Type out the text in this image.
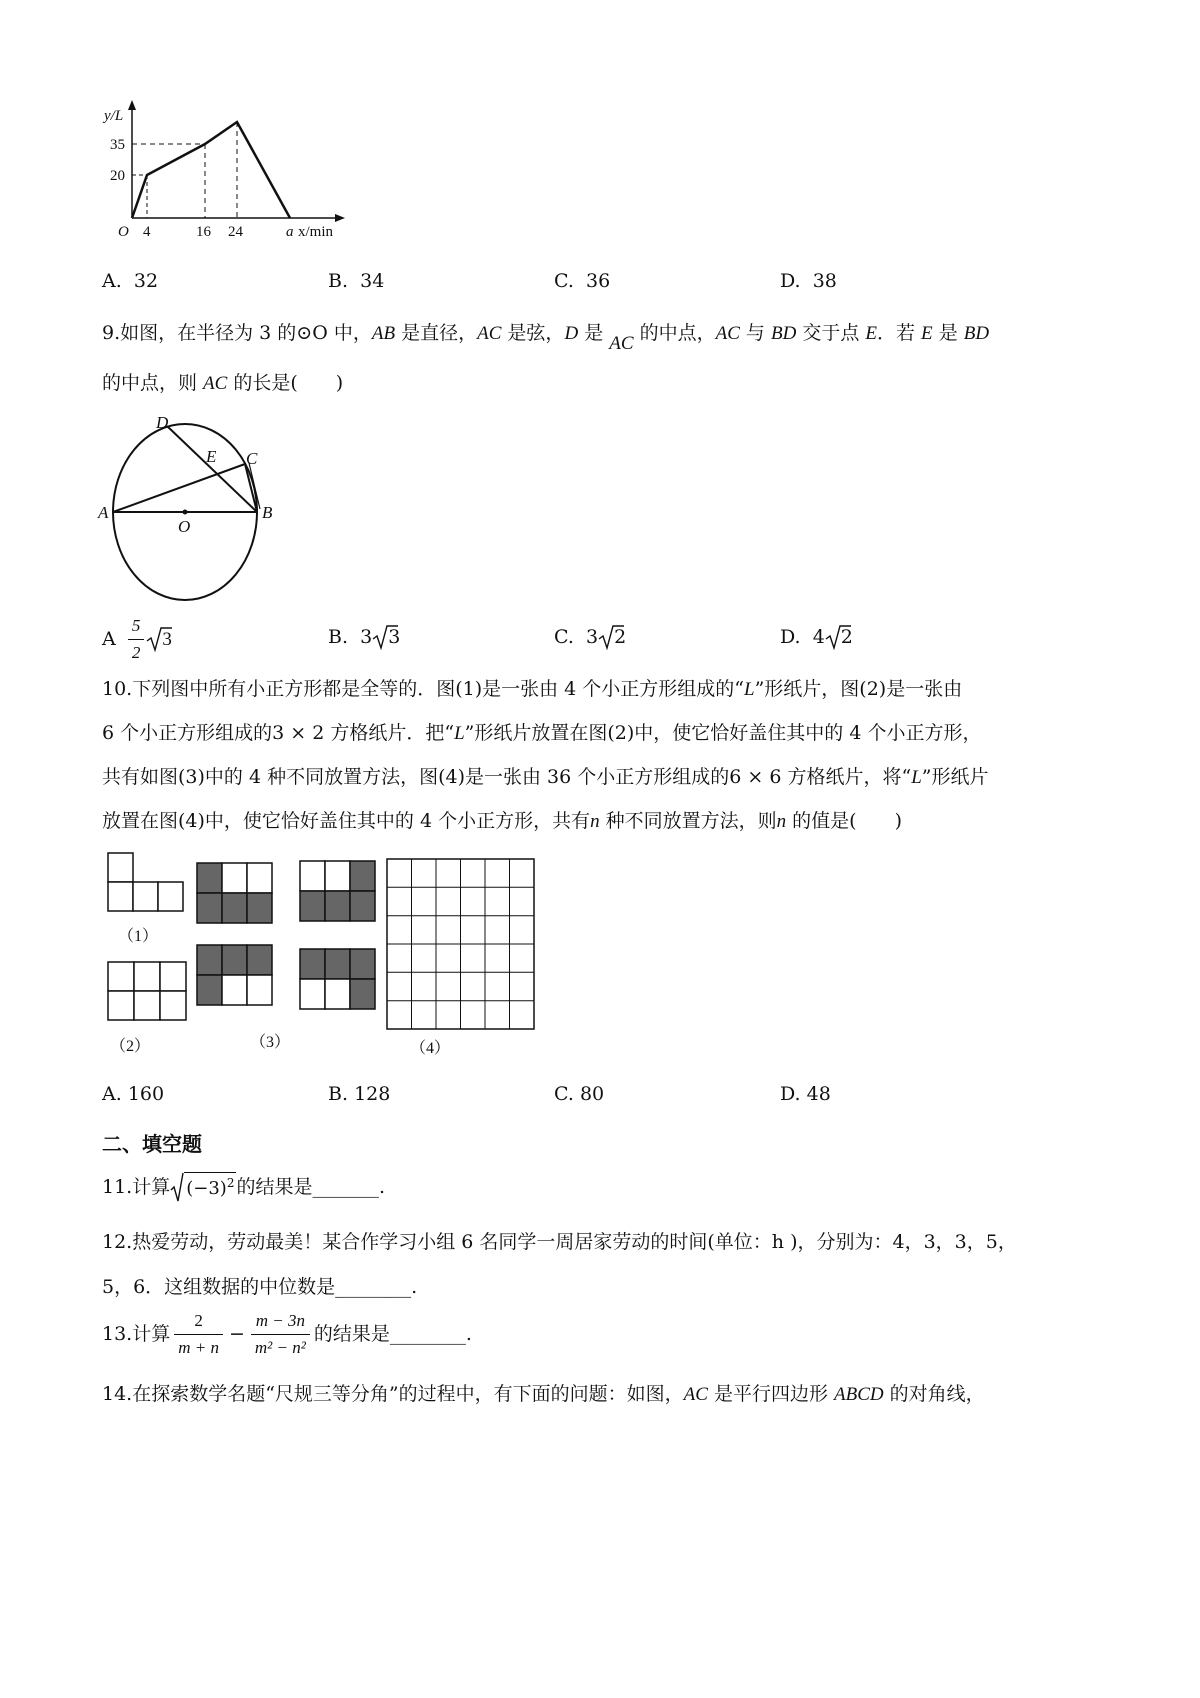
y/L
35
20
O 4	16 24	a x/min
A. 32	B. 34	C. 36	D. 38
9.如图，在半径为 3 的⊙O 中，AB 是直径，AC 是弦，D 是 AC 的中点，AC 与 BD 交于点 E．若 E 是 BD
的中点，则 AC 的长是(　　)
A	B
C
D
E
O
A
$\frac{5}{2} 3$	B.
3 3	C.
3 2	D.
4 2
10.下列图中所有小正方形都是全等的．图(1)是一张由 4 个小正方形组成的“L”形纸片，图(2)是一张由
6 个小正方形组成的3 × 2 方格纸片．把“L”形纸片放置在图(2)中，使它恰好盖住其中的 4 个小正方形，
共有如图(3)中的 4 种不同放置方法，图(4)是一张由 36 个小正方形组成的6 × 6 方格纸片，将“L”形纸片
放置在图(4)中，使它恰好盖住其中的 4 个小正方形，共有n 种不同放置方法，则n 的值是(　　)
（1）
（2）	（3）	（4）
A. 160	B. 128	C. 80	D. 48
二、填空题
11.计算 $(-3)^2$ 的结果是_______.
12.热爱劳动，劳动最美！某合作学习小组 6 名同学一周居家劳动的时间(单位：h )，分别为：4，3，3，5，
5，6．这组数据的中位数是________.
13.计算 $\frac{2}{m + n} - \frac{m - 3n}{\text{m² − n²}}$ 的结果是________.
14.在探索数学名题“尺规三等分角”的过程中，有下面的问题：如图，AC 是平行四边形 ABCD 的对角线，
